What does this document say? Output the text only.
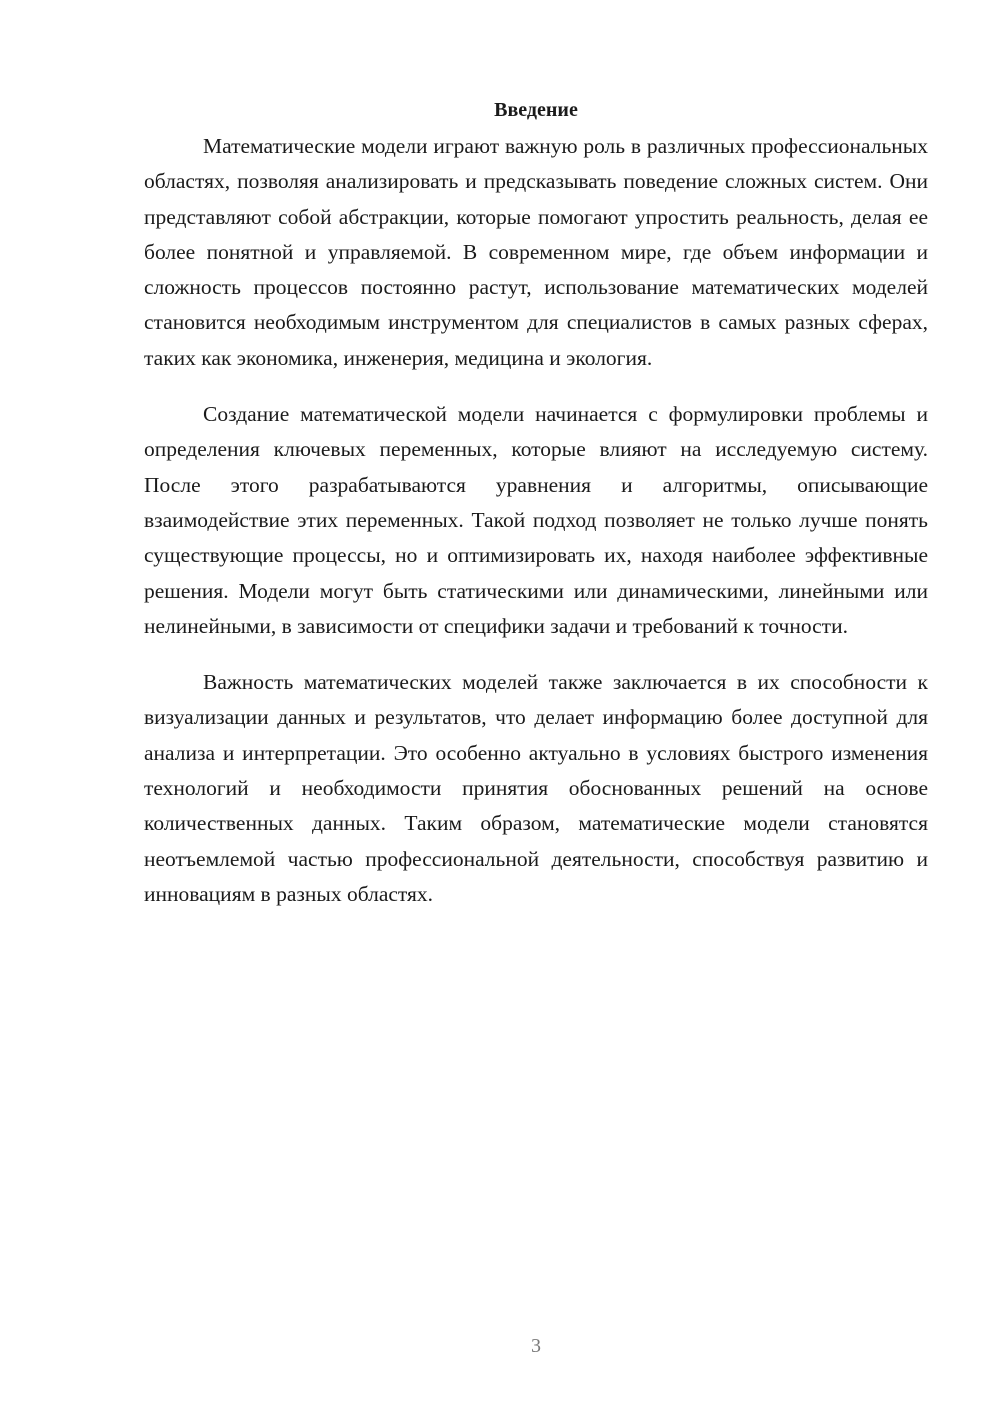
Введение

Математические модели играют важную роль в различных профессиональных областях, позволяя анализировать и предсказывать поведение сложных систем. Они представляют собой абстракции, которые помогают упростить реальность, делая ее более понятной и управляемой. В современном мире, где объем информации и сложность процессов постоянно растут, использование математических моделей становится необходимым инструментом для специалистов в самых разных сферах, таких как экономика, инженерия, медицина и экология.

Создание математической модели начинается с формулировки проблемы и определения ключевых переменных, которые влияют на исследуемую систему. После этого разрабатываются уравнения и алгоритмы, описывающие взаимодействие этих переменных. Такой подход позволяет не только лучше понять существующие процессы, но и оптимизировать их, находя наиболее эффективные решения. Модели могут быть статическими или динамическими, линейными или нелинейными, в зависимости от специфики задачи и требований к точности.

Важность математических моделей также заключается в их способности к визуализации данных и результатов, что делает информацию более доступной для анализа и интерпретации. Это особенно актуально в условиях быстрого изменения технологий и необходимости принятия обоснованных решений на основе количественных данных. Таким образом, математические модели становятся неотъемлемой частью профессиональной деятельности, способствуя развитию и инновациям в разных областях.

3
